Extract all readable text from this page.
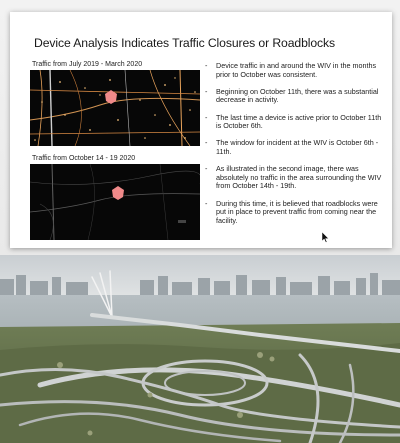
Device Analysis Indicates Traffic Closures or Roadblocks
Traffic from July 2019 - March 2020
Traffic from October 14 - 19 2020
- Device traffic in and around the WIV in the months prior to October was consistent.
- Beginning on October 11th, there was a substantial decrease in activity.
- The last time a device is active prior to October 11th is October 6th.
- The window for incident at the WIV is October 6th - 11th.
- As illustrated in the second image, there was absolutely no traffic in the area surrounding the WIV from October 14th - 19th.
- During this time, it is believed that roadblocks were put in place to prevent traffic from coming near the facility.
